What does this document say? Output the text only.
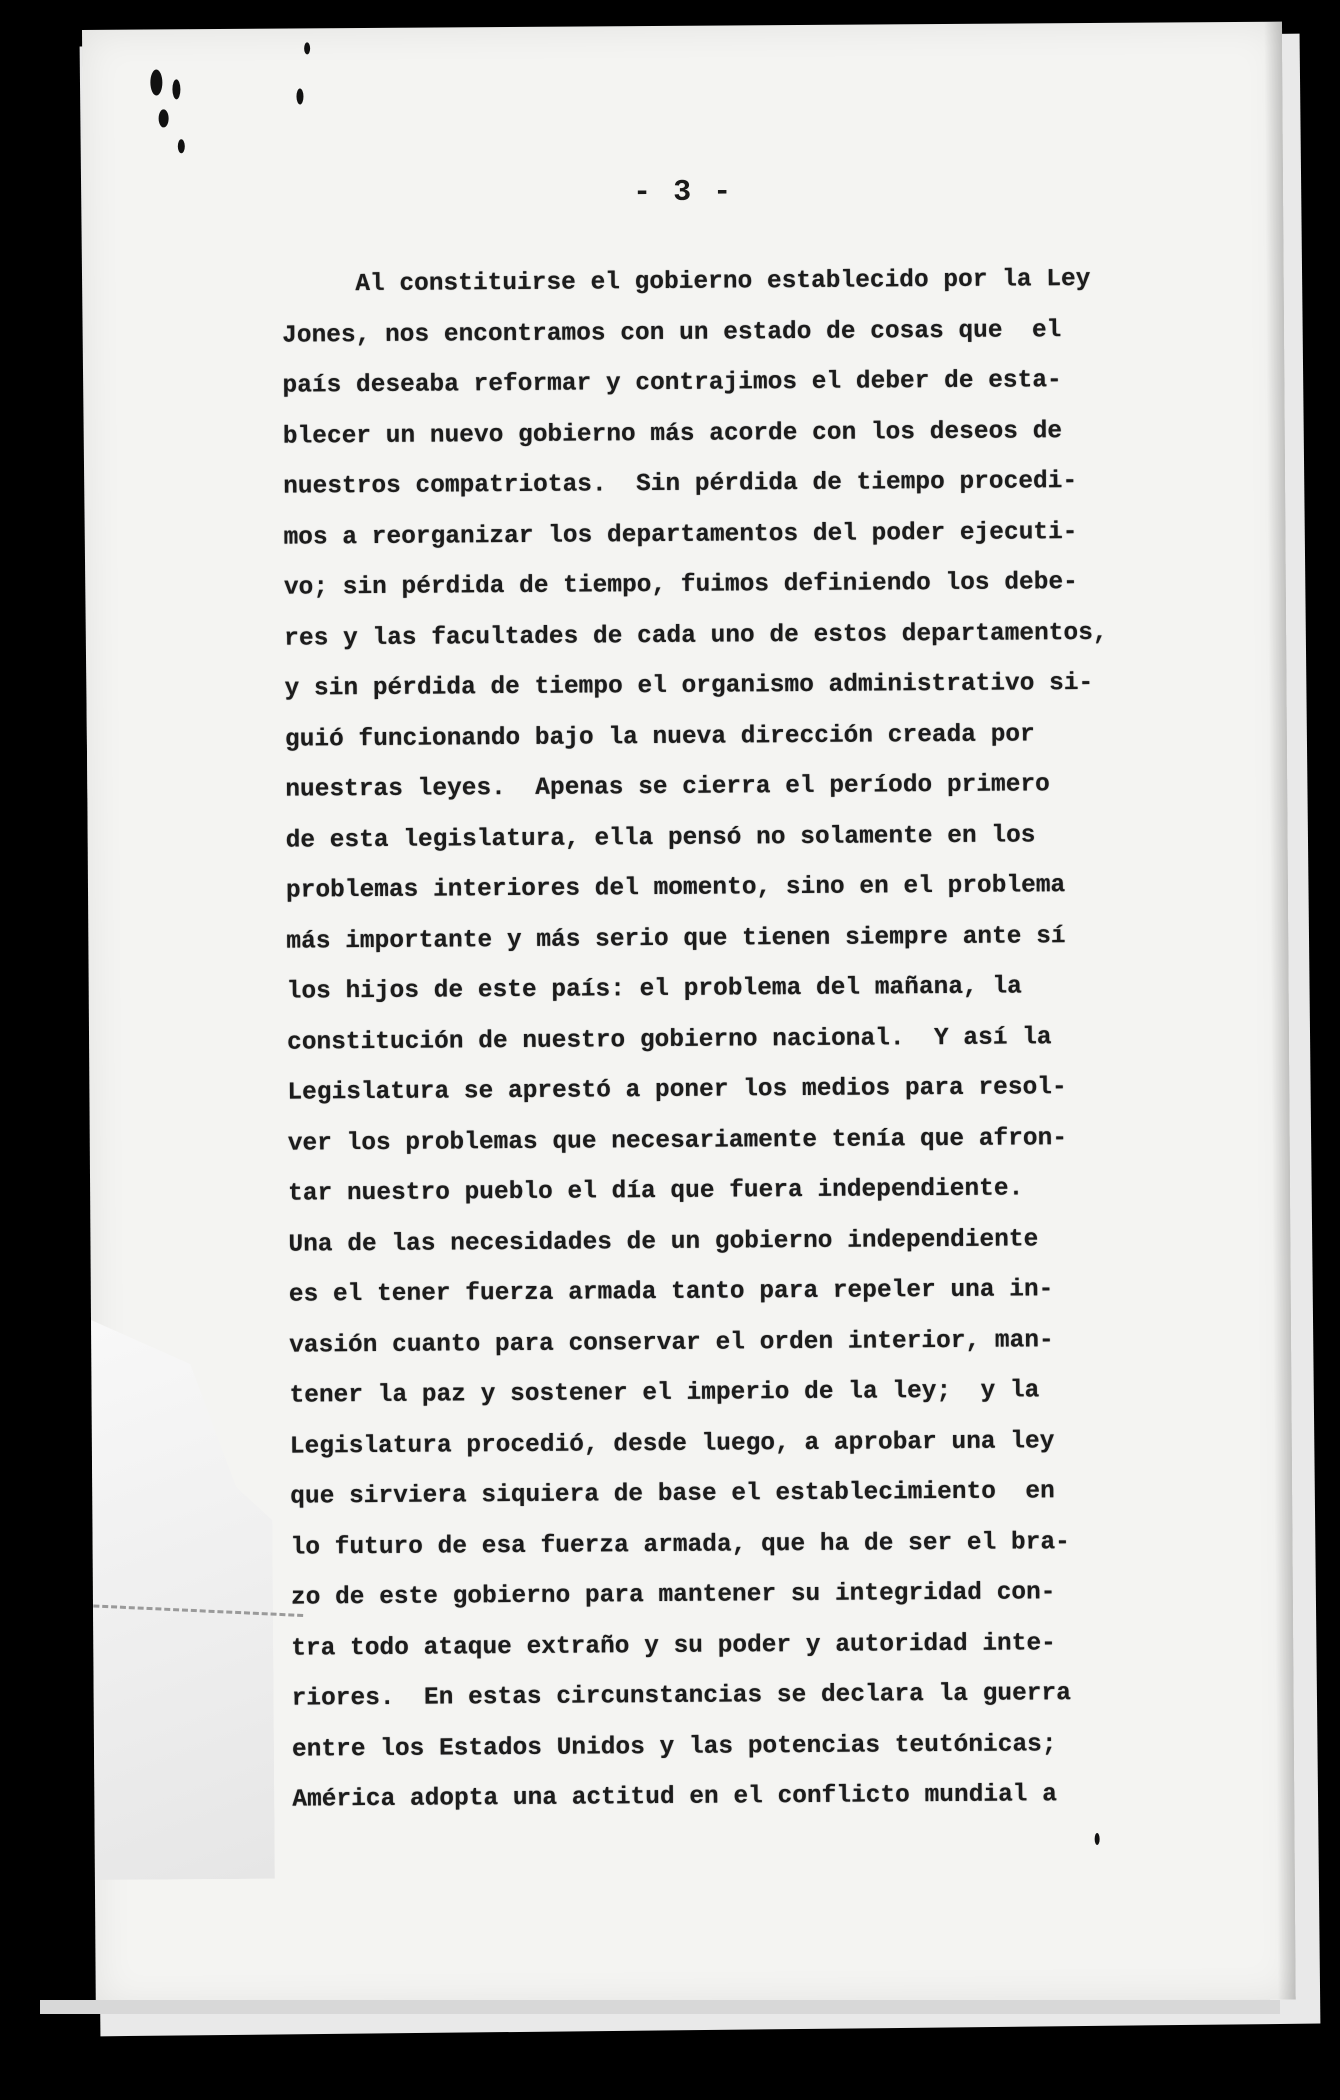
- 3 -
Al constituirse el gobierno establecido por la Ley
Jones, nos encontramos con un estado de cosas que  el
país deseaba reformar y contrajimos el deber de esta-
blecer un nuevo gobierno más acorde con los deseos de
nuestros compatriotas.  Sin pérdida de tiempo procedi-
mos a reorganizar los departamentos del poder ejecuti-
vo; sin pérdida de tiempo, fuimos definiendo los debe-
res y las facultades de cada uno de estos departamentos,
y sin pérdida de tiempo el organismo administrativo si-
guió funcionando bajo la nueva dirección creada por
nuestras leyes.  Apenas se cierra el período primero
de esta legislatura, ella pensó no solamente en los
problemas interiores del momento, sino en el problema
más importante y más serio que tienen siempre ante sí
los hijos de este país: el problema del mañana, la
constitución de nuestro gobierno nacional.  Y así la
Legislatura se aprestó a poner los medios para resol-
ver los problemas que necesariamente tenía que afron-
tar nuestro pueblo el día que fuera independiente.
Una de las necesidades de un gobierno independiente
es el tener fuerza armada tanto para repeler una in-
vasión cuanto para conservar el orden interior, man-
tener la paz y sostener el imperio de la ley;  y la
Legislatura procedió, desde luego, a aprobar una ley
que sirviera siquiera de base el establecimiento  en
lo futuro de esa fuerza armada, que ha de ser el bra-
zo de este gobierno para mantener su integridad con-
tra todo ataque extraño y su poder y autoridad inte-
riores.  En estas circunstancias se declara la guerra
entre los Estados Unidos y las potencias teutónicas;
América adopta una actitud en el conflicto mundial a
